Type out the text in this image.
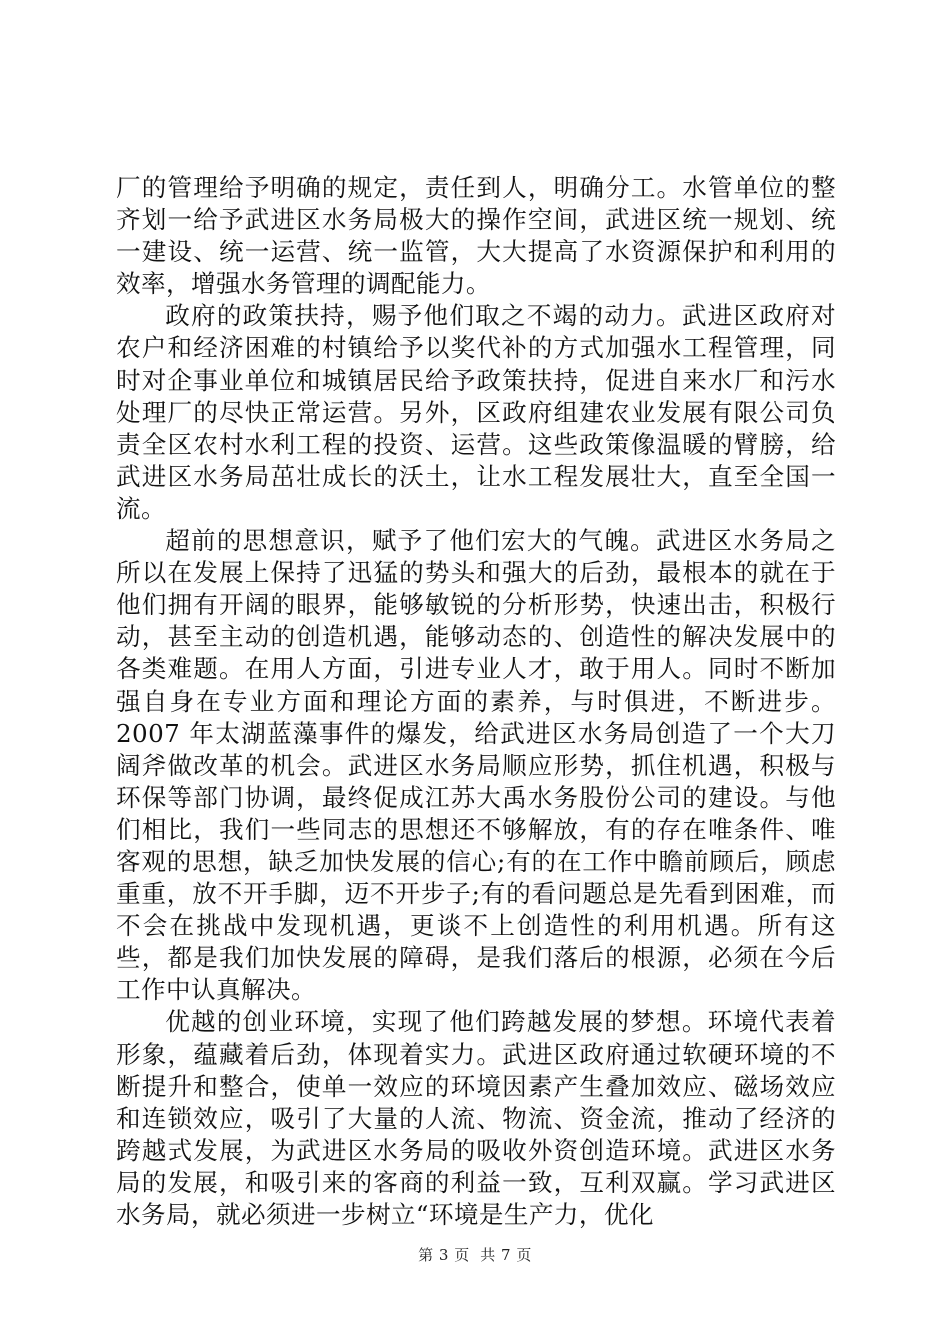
厂的管理给予明确的规定，责任到人，明确分工。水管单位的整齐划一给予武进区水务局极大的操作空间，武进区统一规划、统一建设、统一运营、统一监管，大大提高了水资源保护和利用的效率，增强水务管理的调配能力。

政府的政策扶持，赐予他们取之不竭的动力。武进区政府对农户和经济困难的村镇给予以奖代补的方式加强水工程管理，同时对企事业单位和城镇居民给予政策扶持，促进自来水厂和污水处理厂的尽快正常运营。另外，区政府组建农业发展有限公司负责全区农村水利工程的投资、运营。这些政策像温暖的臂膀，给武进区水务局茁壮成长的沃土，让水工程发展壮大，直至全国一流。

超前的思想意识，赋予了他们宏大的气魄。武进区水务局之所以在发展上保持了迅猛的势头和强大的后劲，最根本的就在于他们拥有开阔的眼界，能够敏锐的分析形势，快速出击，积极行动，甚至主动的创造机遇，能够动态的、创造性的解决发展中的各类难题。在用人方面，引进专业人才，敢于用人。同时不断加强自身在专业方面和理论方面的素养，与时俱进，不断进步。2007 年太湖蓝藻事件的爆发，给武进区水务局创造了一个大刀阔斧做改革的机会。武进区水务局顺应形势，抓住机遇，积极与环保等部门协调，最终促成江苏大禹水务股份公司的建设。与他们相比，我们一些同志的思想还不够解放，有的存在唯条件、唯客观的思想，缺乏加快发展的信心;有的在工作中瞻前顾后，顾虑重重，放不开手脚，迈不开步子;有的看问题总是先看到困难，而不会在挑战中发现机遇，更谈不上创造性的利用机遇。所有这些，都是我们加快发展的障碍，是我们落后的根源，必须在今后工作中认真解决。

优越的创业环境，实现了他们跨越发展的梦想。环境代表着形象，蕴藏着后劲，体现着实力。武进区政府通过软硬环境的不断提升和整合，使单一效应的环境因素产生叠加效应、磁场效应和连锁效应，吸引了大量的人流、物流、资金流，推动了经济的跨越式发展，为武进区水务局的吸收外资创造环境。武进区水务局的发展，和吸引来的客商的利益一致，互利双赢。学习武进区水务局，就必须进一步树立“环境是生产力，优化

第 3 页  共 7 页
